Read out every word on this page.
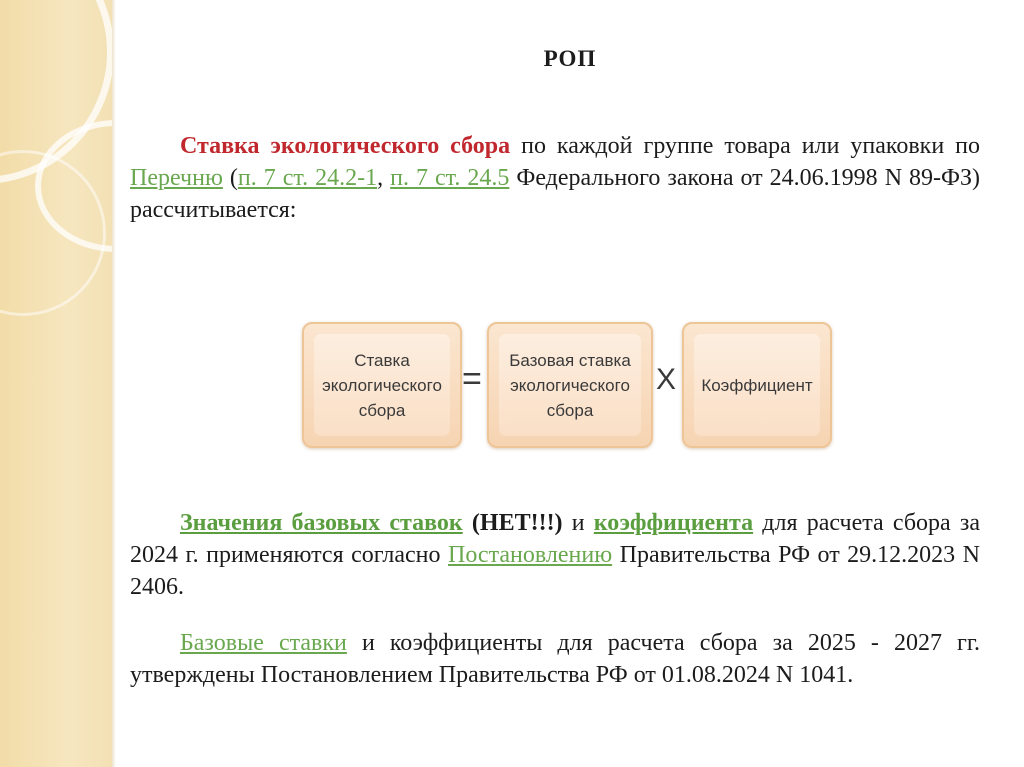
РОП

Ставка экологического сбора по каждой группе товара или упаковки по Перечню (п. 7 ст. 24.2-1, п. 7 ст. 24.5 Федерального закона от 24.06.1998 N 89-ФЗ) рассчитывается:

Ставка экологического сбора
=	Базовая ставка экологического сбора
Х	Коэффициент

Значения базовых ставок (НЕТ!!!) и коэффициента для расчета сбора за 2024 г. применяются согласно Постановлению Правительства РФ от 29.12.2023 N 2406.

Базовые ставки и коэффициенты для расчета сбора за 2025 - 2027 гг. утверждены Постановлением Правительства РФ от 01.08.2024 N 1041.
